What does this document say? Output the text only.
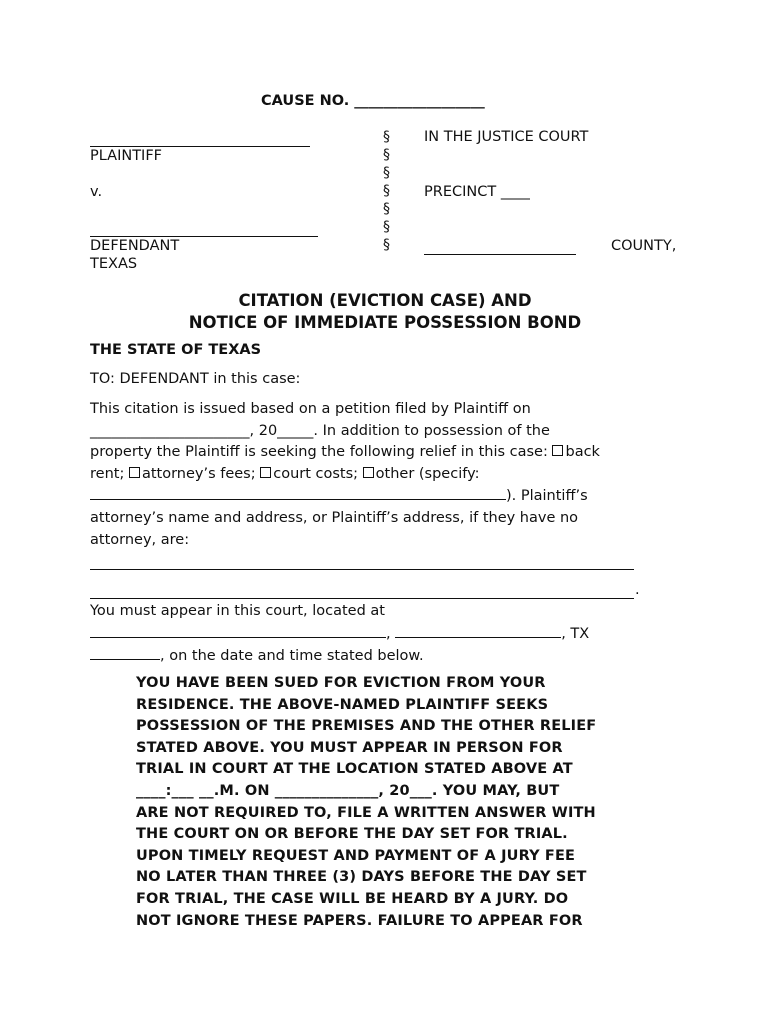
CAUSE NO. __________________
PLAINTIFF
v.
DEFENDANT
TEXAS
§
§
§
§
§
§
§
IN THE JUSTICE COURT
PRECINCT ____
COUNTY,
CITATION (EVICTION CASE) AND
NOTICE OF IMMEDIATE POSSESSION BOND
THE STATE OF TEXAS
TO: DEFENDANT in this case:
This citation is issued based on a petition filed by Plaintiff on
______________________, 20_____. In addition to possession of the
property the Plaintiff is seeking the following relief in this case: back
rent; attorney’s fees; court costs; other (specify:
). Plaintiff’s
attorney’s name and address, or Plaintiff’s address, if they have no
attorney, are:
.
You must appear in this court, located at
,	, TX
, on the date and time stated below.
YOU HAVE BEEN SUED FOR EVICTION FROM YOUR
RESIDENCE. THE ABOVE-NAMED PLAINTIFF SEEKS
POSSESSION OF THE PREMISES AND THE OTHER RELIEF
STATED ABOVE. YOU MUST APPEAR IN PERSON FOR
TRIAL IN COURT AT THE LOCATION STATED ABOVE AT
____:___ __.M. ON ______________, 20___. YOU MAY, BUT
ARE NOT REQUIRED TO, FILE A WRITTEN ANSWER WITH
THE COURT ON OR BEFORE THE DAY SET FOR TRIAL.
UPON TIMELY REQUEST AND PAYMENT OF A JURY FEE
NO LATER THAN THREE (3) DAYS BEFORE THE DAY SET
FOR TRIAL, THE CASE WILL BE HEARD BY A JURY. DO
NOT IGNORE THESE PAPERS. FAILURE TO APPEAR FOR
